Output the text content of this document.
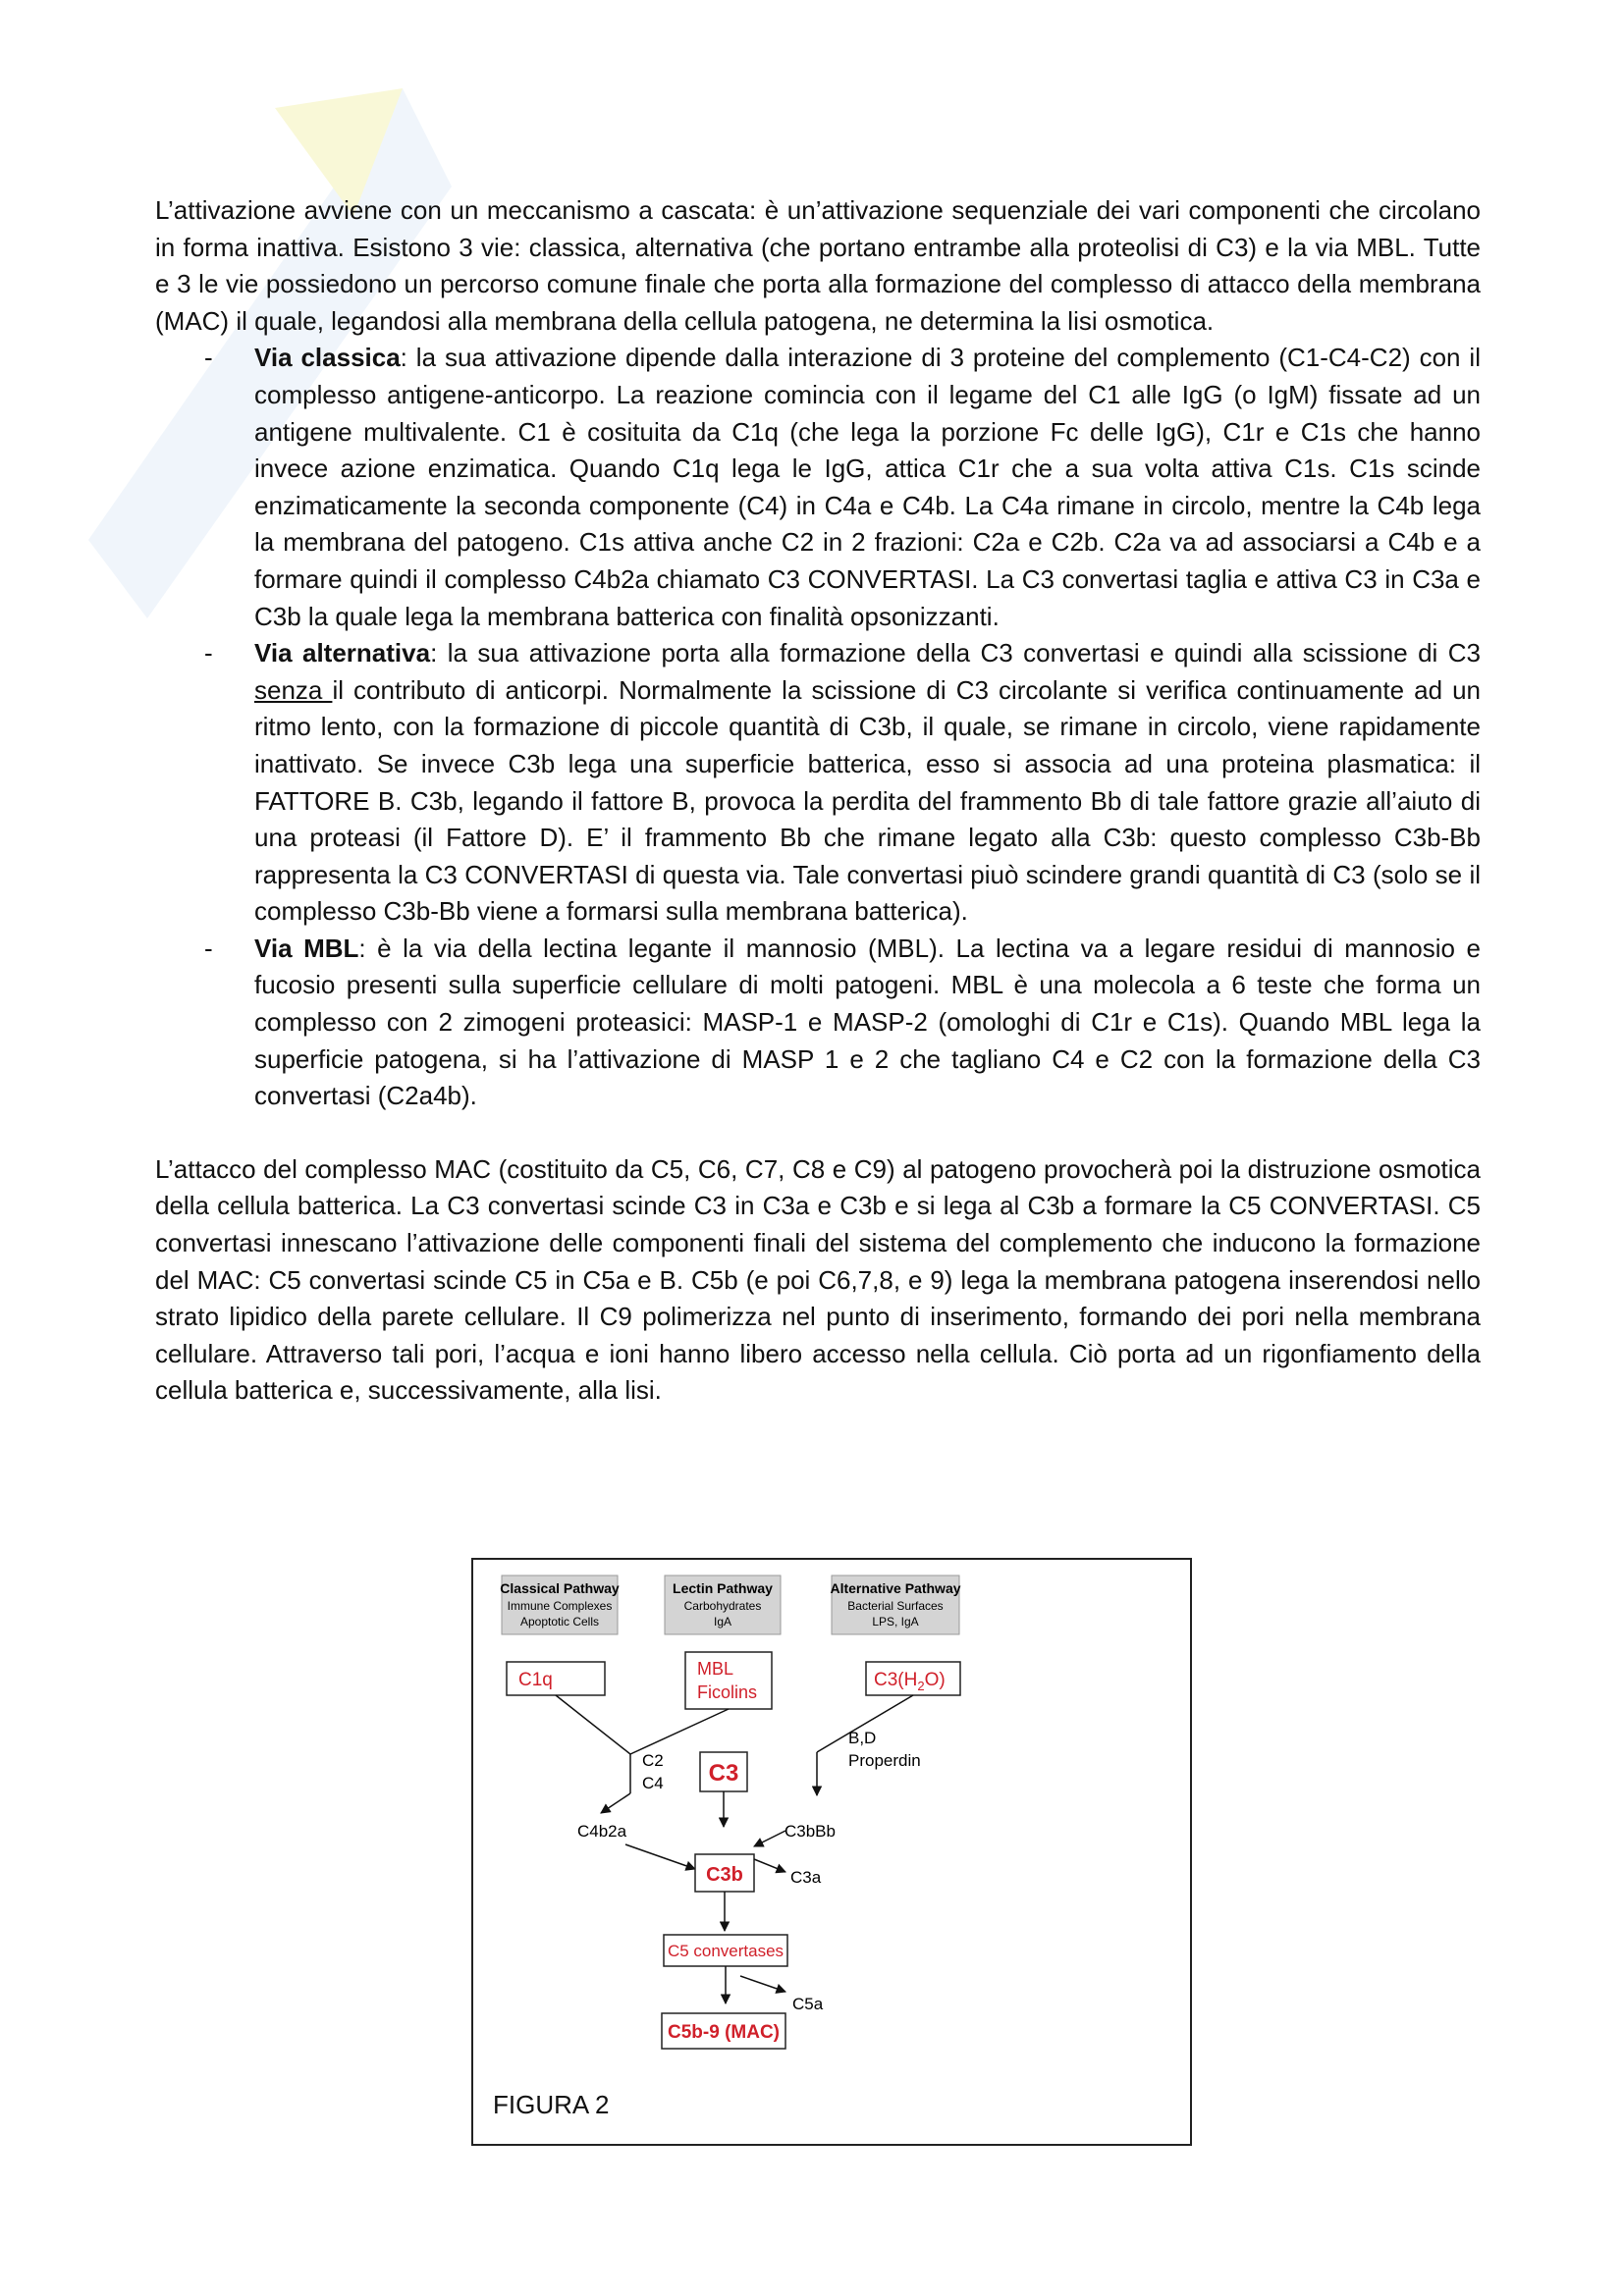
L’attivazione avviene con un meccanismo a cascata: è un’attivazione sequenziale dei vari componenti che circolano in forma inattiva. Esistono 3 vie: classica, alternativa (che portano entrambe alla proteolisi di C3) e la via MBL. Tutte e 3 le vie possiedono un percorso comune finale che porta alla formazione del complesso di attacco della membrana (MAC) il quale, legandosi alla membrana della cellula patogena, ne determina la lisi osmotica.

- Via classica: la sua attivazione dipende dalla interazione di 3 proteine del complemento (C1-C4-C2) con il complesso antigene-anticorpo. La reazione comincia con il legame del C1 alle IgG (o IgM) fissate ad un antigene multivalente. C1 è cosituita da C1q (che lega la porzione Fc delle IgG), C1r e C1s che hanno invece azione enzimatica. Quando C1q lega le IgG, attica C1r che a sua volta attiva C1s. C1s scinde enzimaticamente la seconda componente (C4) in C4a e C4b. La C4a rimane in circolo, mentre la C4b lega la membrana del patogeno. C1s attiva anche C2 in 2 frazioni: C2a e C2b. C2a va ad associarsi a C4b e a formare quindi il complesso C4b2a chiamato C3 CONVERTASI. La C3 convertasi taglia e attiva C3 in C3a e C3b la quale lega la membrana batterica con finalità opsonizzanti.
- Via alternativa: la sua attivazione porta alla formazione della C3 convertasi e quindi alla scissione di C3 senza il contributo di anticorpi. Normalmente la scissione di C3 circolante si verifica continuamente ad un ritmo lento, con la formazione di piccole quantità di C3b, il quale, se rimane in circolo, viene rapidamente inattivato. Se invece C3b lega una superficie batterica, esso si associa ad una proteina plasmatica: il FATTORE B. C3b, legando il fattore B, provoca la perdita del frammento Bb di tale fattore grazie all’aiuto di una proteasi (il Fattore D). E’ il frammento Bb che rimane legato alla C3b: questo complesso C3b-Bb rappresenta la C3 CONVERTASI di questa via. Tale convertasi piuò scindere grandi quantità di C3 (solo se il complesso C3b-Bb viene a formarsi sulla membrana batterica).
- Via MBL: è la via della lectina legante il mannosio (MBL). La lectina va a legare residui di mannosio e fucosio presenti sulla superficie cellulare di molti patogeni. MBL è una molecola a 6 teste che forma un complesso con 2 zimogeni proteasici: MASP-1 e MASP-2 (omologhi di C1r e C1s). Quando MBL lega la superficie patogena, si ha l’attivazione di MASP 1 e 2 che tagliano C4 e C2 con la formazione della C3 convertasi (C2a4b).

L’attacco del complesso MAC (costituito da C5, C6, C7, C8 e C9) al patogeno provocherà poi la distruzione osmotica della cellula batterica. La C3 convertasi scinde C3 in C3a e C3b e si lega al C3b a formare la C5 CONVERTASI. C5 convertasi innescano l’attivazione delle componenti finali del sistema del complemento che inducono la formazione del MAC: C5 convertasi scinde C5 in C5a e B. C5b (e poi C6,7,8, e 9) lega la membrana patogena inserendosi nello strato lipidico della parete cellulare. Il C9 polimerizza nel punto di inserimento, formando dei pori nella membrana cellulare. Attraverso tali pori, l’acqua e ioni hanno libero accesso nella cellula. Ciò porta ad un rigonfiamento della cellula batterica e, successivamente, alla lisi.

Classical Pathway
Immune Complexes
Apoptotic Cells
Lectin Pathway
Carbohydrates
IgA
Alternative Pathway
Bacterial Surfaces
LPS, IgA
C1q
MBL
Ficolins
$C3(H_2O)$
C2
C4
B,D
Properdin
C3
C4b2a	C3bBb
C3b	C3a
C5 convertases
C5a
C5b-9 (MAC)
FIGURA 2
